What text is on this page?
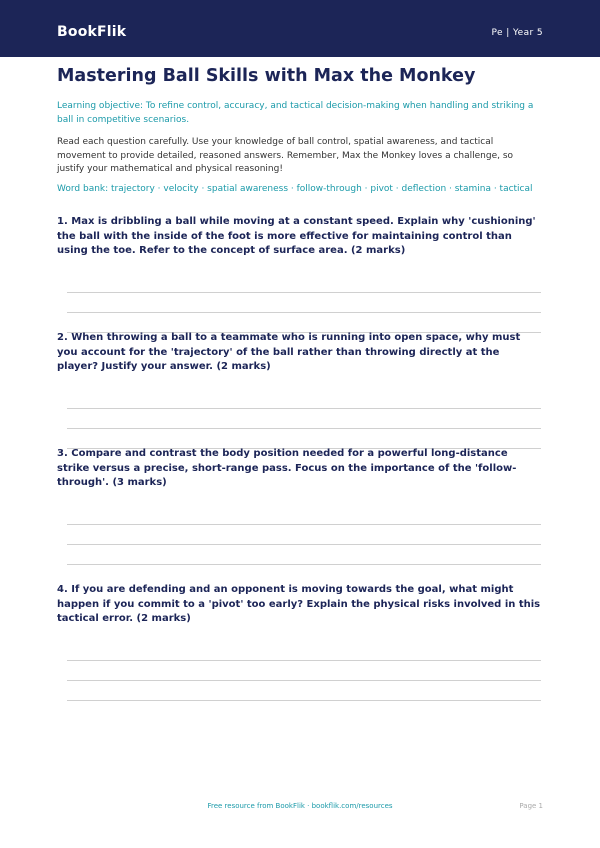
BookFlik	Pe | Year 5
Mastering Ball Skills with Max the Monkey

Learning objective: To refine control, accuracy, and tactical decision-making when handling and striking a ball in competitive scenarios.

Read each question carefully. Use your knowledge of ball control, spatial awareness, and tactical movement to provide detailed, reasoned answers. Remember, Max the Monkey loves a challenge, so justify your mathematical and physical reasoning!

Word bank: trajectory · velocity · spatial awareness · follow-through · pivot · deflection · stamina · tactical

1. Max is dribbling a ball while moving at a constant speed. Explain why 'cushioning' the ball with the inside of the foot is more effective for maintaining control than using the toe. Refer to the concept of surface area. (2 marks)

2. When throwing a ball to a teammate who is running into open space, why must you account for the 'trajectory' of the ball rather than throwing directly at the player? Justify your answer. (2 marks)

3. Compare and contrast the body position needed for a powerful long-distance strike versus a precise, short-range pass. Focus on the importance of the 'follow-through'. (3 marks)

4. If you are defending and an opponent is moving towards the goal, what might happen if you commit to a 'pivot' too early? Explain the physical risks involved in this tactical error. (2 marks)

Free resource from BookFlik · bookflik.com/resources	Page 1
